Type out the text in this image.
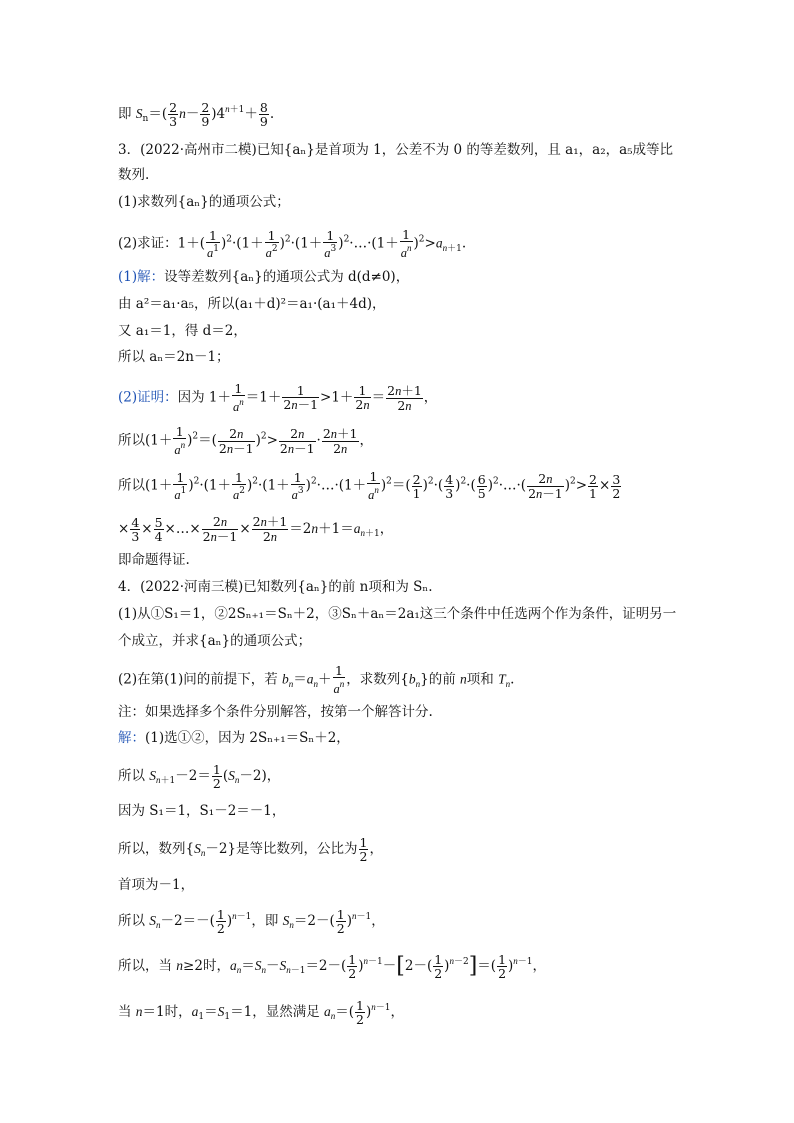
即 $S_n=( \frac{2}{3} n- \frac{2}{9} )4^{n+1}+ \frac{8}{9}$ .
3．(2022·高州市二模)已知{aₙ}是首项为 1，公差不为 0 的等差数列，且 a₁，a₂，a₅成等比
数列.
(1)求数列{aₙ}的通项公式；
(2)求证：$1+( \frac{1}{a^1} )^2\cdot(1+ \frac{1}{a^2} )^2\cdot(1+ \frac{1}{a^3}$ )$^2\cdot\dots\cdot(1+ \frac{1}{a^n} )^2>a_{n+1}$.
(1)解：设等差数列{aₙ}的通项公式为 d(d≠0)，
由 a²＝a₁·a₅，所以(a₁＋d)²＝a₁·(a₁＋4d)，
又 a₁＝1，得 d＝2，
所以 aₙ＝2n－1；
(2)证明：因为 $1+ \frac{1}{a^n} =1+ \frac{1}{2n-1} >1+ \frac{1}{2n} = \frac{2n+1}{2n}$ ，
所以$(1+ \frac{1}{a^n} )^2=( \frac{2n}{2n-1} )^2> \frac{2n}{2n-1} \cdot \frac{2n+1}{2n}$ ，
所以$(1+ \frac{1}{a^1} )^2\cdot(1+ \frac{1}{a^2} )^2\cdot(1+ \frac{1}{a^3}$ )$^2\cdot\dots\cdot(1+ \frac{1}{a^n} )^2=( \frac{2}{1} )^2\cdot( \frac{4}{3} )^2\cdot( \frac{6}{5}$ )$^2\cdot\dots\cdot( \frac{2n}{2n-1} )^2> \frac{2}{1} \times \frac{3}{2}$
× $\frac{4}{3} \times \frac{5}{4}$ ×…× $\frac{2n}{2n-1} \times \frac{2n+1}{2n} =2n+1=a_{n+1}$，
即命题得证.
4．(2022·河南三模)已知数列{aₙ}的前 n项和为 Sₙ.
(1)从①S₁＝1，②2Sₙ₊₁＝Sₙ＋2，③Sₙ＋aₙ＝2a₁这三个条件中任选两个作为条件，证明另一
个成立，并求{aₙ}的通项公式；
(2)在第(1)问的前提下，若 $b_n=a_n+ \frac{1}{a^n}$ ，求数列$\{b_n\}$的前 n项和 $T_n$.
注：如果选择多个条件分别解答，按第一个解答计分.
解：(1)选①②，因为 2Sₙ₊₁＝Sₙ＋2，
所以 $S_{n+1}-2= \frac{1}{2} (S_n-2)$，
因为 S₁＝1，S₁－2＝－1，
所以，数列$\{S_n-2\}$是等比数列，公比为 $\frac{1}{2}$ ，
首项为－1，
所以 $S_n-2=-( \frac{1}{2} )^{n-1}$，即 $S_n=2-( \frac{1}{2} )^{n-1}$，
所以，当 n≥2时，$a_n=S_n-S_{n-1}=2-( \frac{1}{2} )^{n-1}-[2-( \frac{1}{2} )^{n-2}]=( \frac{1}{2} )^{n-1}$，
当 n＝1时，$a_1=S_1=1$，显然满足 $a_n=( \frac{1}{2} )^{n-1}$，
